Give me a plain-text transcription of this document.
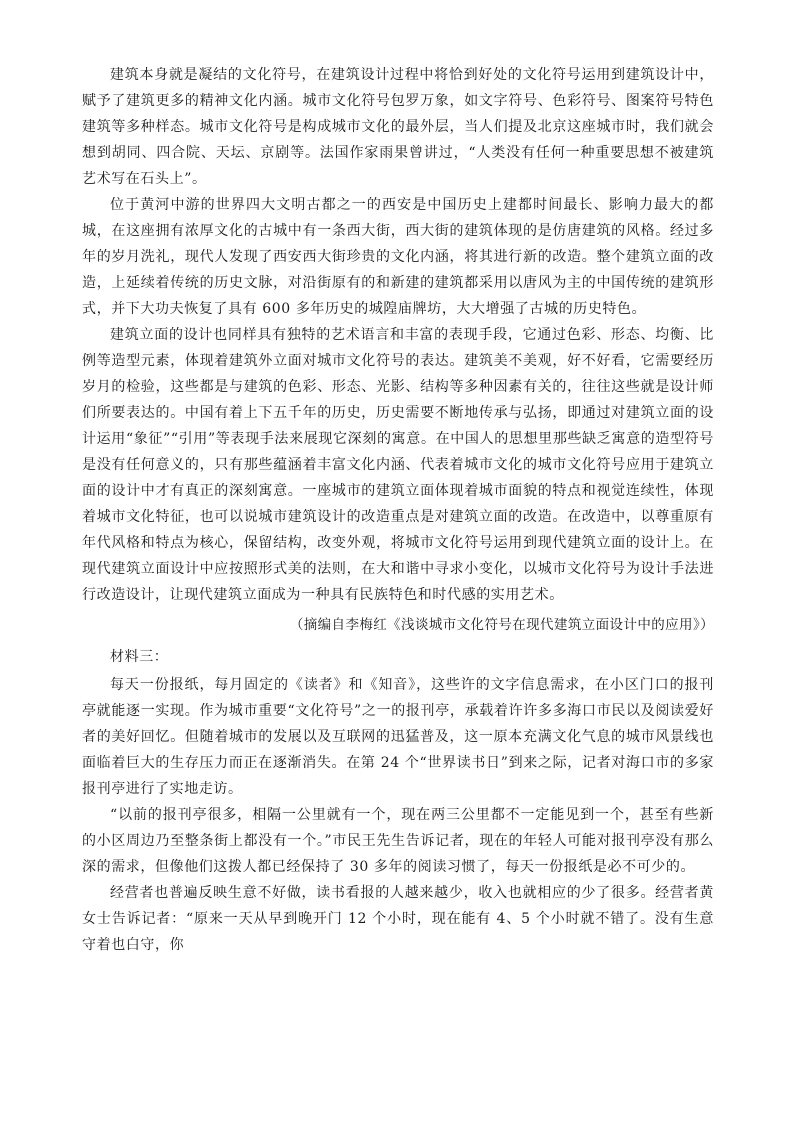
建筑本身就是凝结的文化符号，在建筑设计过程中将恰到好处的文化符号运用到建筑设计中，赋予了建筑更多的精神文化内涵。城市文化符号包罗万象，如文字符号、色彩符号、图案符号特色建筑等多种样态。城市文化符号是构成城市文化的最外层，当人们提及北京这座城市时，我们就会想到胡同、四合院、天坛、京剧等。法国作家雨果曾讲过，“人类没有任何一种重要思想不被建筑艺术写在石头上”。

位于黄河中游的世界四大文明古都之一的西安是中国历史上建都时间最长、影响力最大的都城，在这座拥有浓厚文化的古城中有一条西大街，西大街的建筑体现的是仿唐建筑的风格。经过多年的岁月洗礼，现代人发现了西安西大街珍贵的文化内涵，将其进行新的改造。整个建筑立面的改造，上延续着传统的历史文脉，对沿街原有的和新建的建筑都采用以唐风为主的中国传统的建筑形式，并下大功夫恢复了具有 600 多年历史的城隍庙牌坊，大大增强了古城的历史特色。

建筑立面的设计也同样具有独特的艺术语言和丰富的表现手段，它通过色彩、形态、均衡、比例等造型元素，体现着建筑外立面对城市文化符号的表达。建筑美不美观，好不好看，它需要经历岁月的检验，这些都是与建筑的色彩、形态、光影、结构等多种因素有关的，往往这些就是设计师们所要表达的。中国有着上下五千年的历史，历史需要不断地传承与弘扬，即通过对建筑立面的设计运用“象征”“引用”等表现手法来展现它深刻的寓意。在中国人的思想里那些缺乏寓意的造型符号是没有任何意义的，只有那些蕴涵着丰富文化内涵、代表着城市文化的城市文化符号应用于建筑立面的设计中才有真正的深刻寓意。一座城市的建筑立面体现着城市面貌的特点和视觉连续性，体现着城市文化特征，也可以说城市建筑设计的改造重点是对建筑立面的改造。在改造中，以尊重原有年代风格和特点为核心，保留结构，改变外观，将城市文化符号运用到现代建筑立面的设计上。在现代建筑立面设计中应按照形式美的法则，在大和谐中寻求小变化，以城市文化符号为设计手法进行改造设计，让现代建筑立面成为一种具有民族特色和时代感的实用艺术。

（摘编自李梅红《浅谈城市文化符号在现代建筑立面设计中的应用》）

材料三：

每天一份报纸，每月固定的《读者》和《知音》，这些许的文字信息需求，在小区门口的报刊亭就能逐一实现。作为城市重要“文化符号”之一的报刊亭，承载着许许多多海口市民以及阅读爱好者的美好回忆。但随着城市的发展以及互联网的迅猛普及，这一原本充满文化气息的城市风景线也面临着巨大的生存压力而正在逐渐消失。在第 24 个“世界读书日”到来之际，记者对海口市的多家报刊亭进行了实地走访。

“以前的报刊亭很多，相隔一公里就有一个，现在两三公里都不一定能见到一个，甚至有些新的小区周边乃至整条街上都没有一个。”市民王先生告诉记者，现在的年轻人可能对报刊亭没有那么深的需求，但像他们这拨人都已经保持了 30 多年的阅读习惯了，每天一份报纸是必不可少的。

经营者也普遍反映生意不好做，读书看报的人越来越少，收入也就相应的少了很多。经营者黄女士告诉记者：“原来一天从早到晚开门 12 个小时，现在能有 4、5 个小时就不错了。没有生意守着也白守，你
